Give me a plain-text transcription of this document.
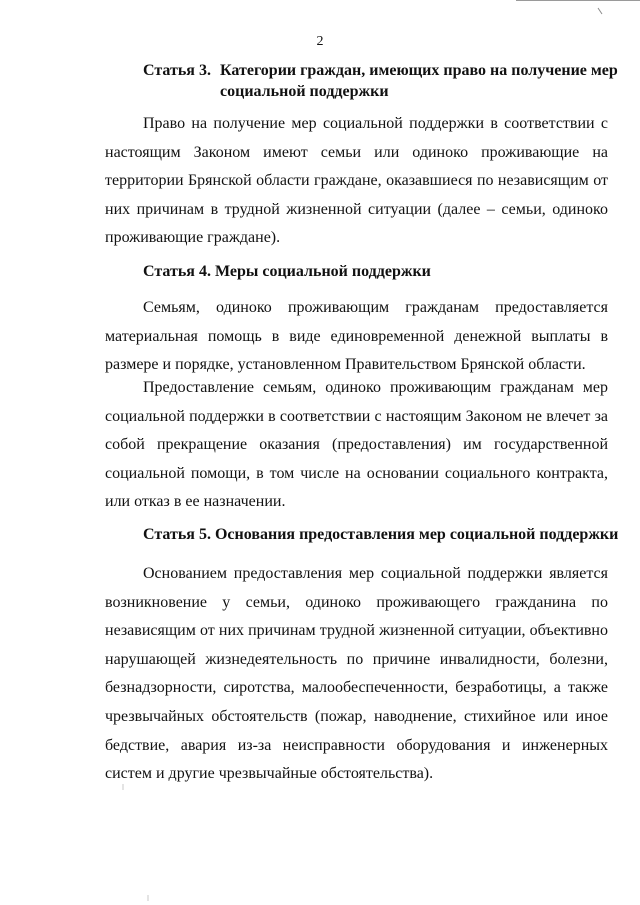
2
Статья 3. Категории граждан, имеющих право на получение мер социальной поддержки

Право на получение мер социальной поддержки в соответствии с настоящим Законом имеют семьи или одиноко проживающие на территории Брянской области граждане, оказавшиеся по независящим от них причинам в трудной жизненной ситуации (далее – семьи, одиноко проживающие граждане).

Статья 4. Меры социальной поддержки

Семьям, одиноко проживающим гражданам предоставляется материальная помощь в виде единовременной денежной выплаты в размере и порядке, установленном Правительством Брянской области.

Предоставление семьям, одиноко проживающим гражданам мер социальной поддержки в соответствии с настоящим Законом не влечет за собой прекращение оказания (предоставления) им государственной социальной помощи, в том числе на основании социального контракта, или отказ в ее назначении.

Статья 5. Основания предоставления мер социальной поддержки

Основанием предоставления мер социальной поддержки является возникновение у семьи, одиноко проживающего гражданина по независящим от них причинам трудной жизненной ситуации, объективно нарушающей жизнедеятельность по причине инвалидности, болезни, безнадзорности, сиротства, малообеспеченности, безработицы, а также чрезвычайных обстоятельств (пожар, наводнение, стихийное или иное бедствие, авария из-за неисправности оборудования и инженерных систем и другие чрезвычайные обстоятельства).
